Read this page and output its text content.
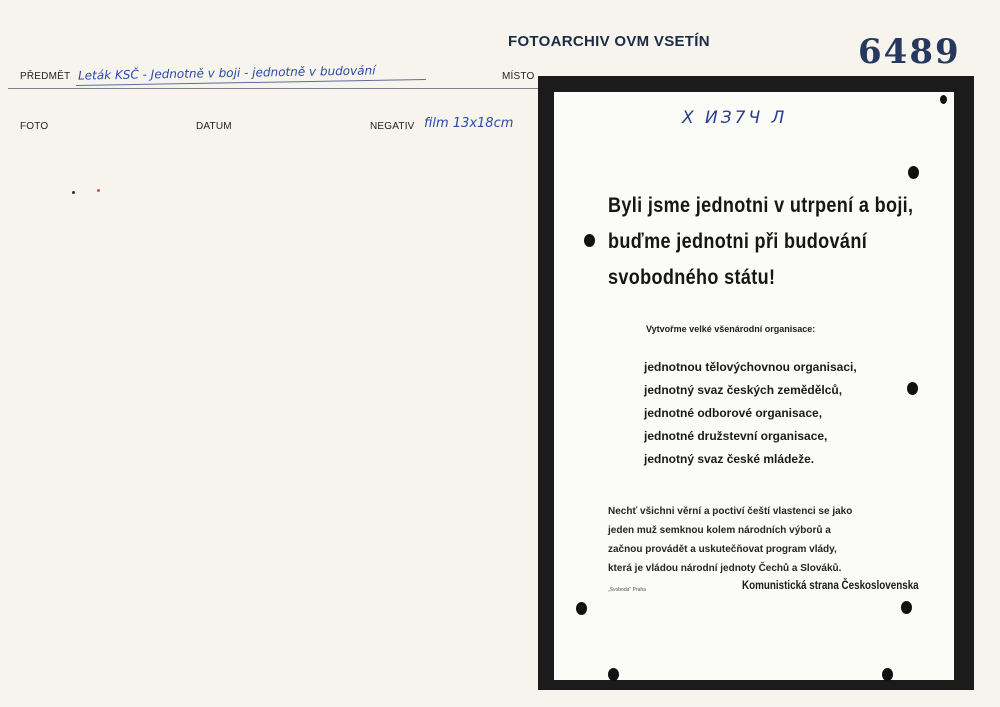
FOTOARCHIV OVM VSETÍN	6489
PŘEDMĚT Leták KSČ - Jednotně v boji - jednotně v budování	MÍSTO
FOTO	DATUM	NEGATIV film 13x18cm	X ИЗ7Ч Л
Byli jsme jednotni v utrpení a boji,
buďme jednotni při budování
svobodného státu!
Vytvořme velké všenárodní organisace:
jednotnou tělovýchovnou organisaci,
jednotný svaz českých zemědělců,
jednotné odborové organisace,
jednotné družstevní organisace,
jednotný svaz české mládeže.
Nechť všichni věrní a poctiví čeští vlastenci se jako
jeden muž semknou kolem národních výborů a
začnou provádět a uskutečňovat program vlády,
která je vládou národní jednoty Čechů a Slováků.
„Svoboda" Praha	Komunistická strana Československa
